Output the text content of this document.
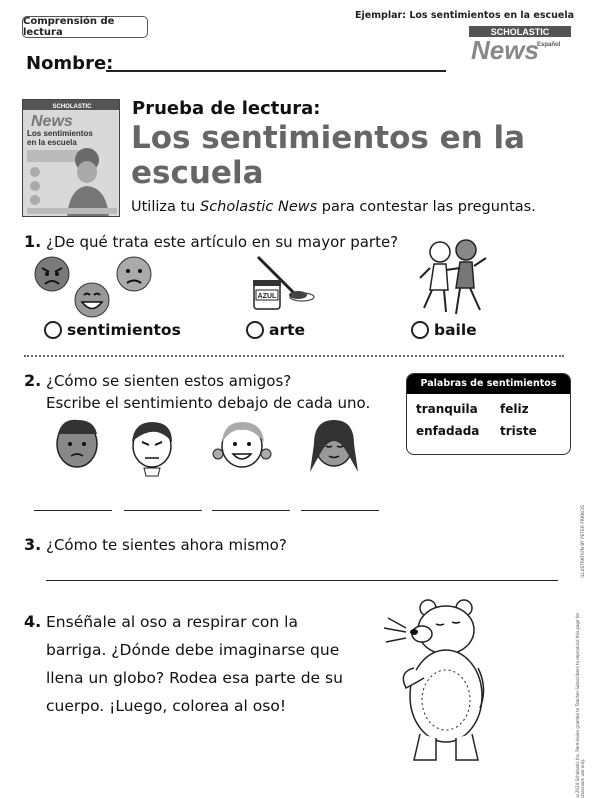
Comprensión de lectura
Ejemplar: Los sentimientos en la escuela
SCHOLASTIC
News
Español
Nombre:
SCHOLASTIC
News
Los sentimientos
en la escuela
Prueba de lectura:
Los sentimientos en la escuela
Utiliza tu Scholastic News para contestar las preguntas.
1. ¿De qué trata este artículo en su mayor parte?
AZUL
sentimientos	arte	baile
2. ¿Cómo se sienten estos amigos?
Escribe el sentimiento debajo de cada uno.
Palabras de sentimientos
tranquila	feliz
enfadada	triste
3. ¿Cómo te sientes ahora mismo?
4. Enséñale al oso a respirar con la barriga. ¿Dónde debe imaginarse que llena un globo? Rodea esa parte de su cuerpo. ¡Luego, colorea al oso!
ILLUSTRATION BY PETER FRANCIS
©2024 Scholastic Inc. Permission granted to Teacher Subscribers to reproduce this page for classroom use only.
